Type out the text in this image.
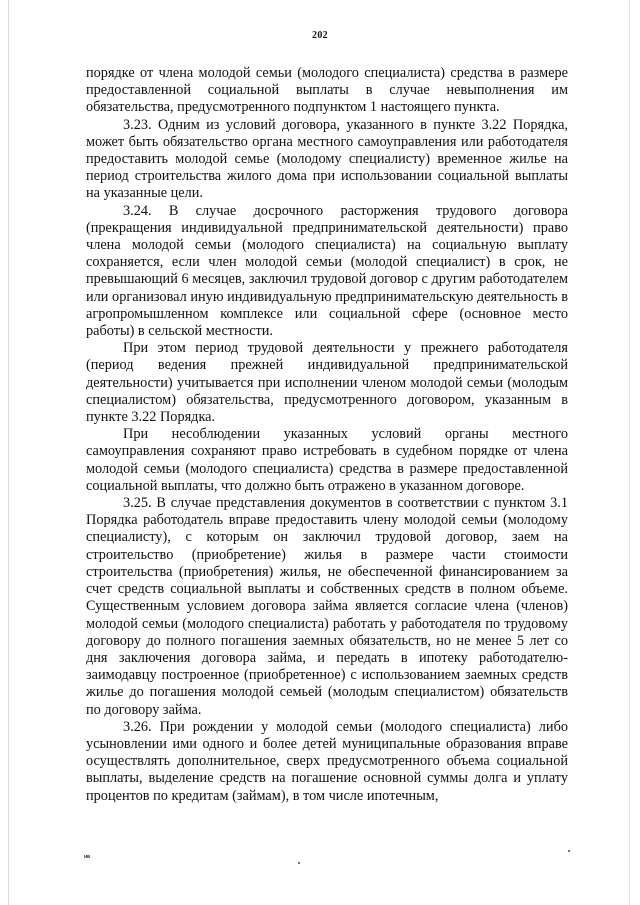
202

порядке от члена молодой семьи (молодого специалиста) средства в размере предоставленной социальной выплаты в случае невыполнения им обязательства, предусмотренного подпунктом 1 настоящего пункта.

3.23. Одним из условий договора, указанного в пункте 3.22 Порядка, может быть обязательство органа местного самоуправления или работодателя предоставить молодой семье (молодому специалисту) временное жилье на период строительства жилого дома при использовании социальной выплаты на указанные цели.

3.24. В случае досрочного расторжения трудового договора (прекращения индивидуальной предпринимательской деятельности) право члена молодой семьи (молодого специалиста) на социальную выплату сохраняется, если член молодой семьи (молодой специалист) в срок, не превышающий 6 месяцев, заключил трудовой договор с другим работодателем или организовал иную индивидуальную предпринимательскую деятельность в агропромышленном комплексе или социальной сфере (основное место работы) в сельской местности.

При этом период трудовой деятельности у прежнего работодателя (период ведения прежней индивидуальной предпринимательской деятельности) учитывается при исполнении членом молодой семьи (молодым специалистом) обязательства, предусмотренного договором, указанным в пункте 3.22 Порядка.

При несоблюдении указанных условий органы местного самоуправления сохраняют право истребовать в судебном порядке от члена молодой семьи (молодого специалиста) средства в размере предоставленной социальной выплаты, что должно быть отражено в указанном договоре.

3.25. В случае представления документов в соответствии с пунктом 3.1 Порядка работодатель вправе предоставить члену молодой семьи (молодому специалисту), с которым он заключил трудовой договор, заем на строительство (приобретение) жилья в размере части стоимости строительства (приобретения) жилья, не обеспеченной финансированием за счет средств социальной выплаты и собственных средств в полном объеме. Существенным условием договора займа является согласие члена (членов) молодой семьи (молодого специалиста) работать у работодателя по трудовому договору до полного погашения заемных обязательств, но не менее 5 лет со дня заключения договора займа, и передать в ипотеку работодателю-заимодавцу построенное (приобретенное) с использованием заемных средств жилье до погашения молодой семьей (молодым специалистом) обязательств по договору займа.

3.26. При рождении у молодой семьи (молодого специалиста) либо усыновлении ими одного и более детей муниципальные образования вправе осуществлять дополнительное, сверх предусмотренного объема социальной выплаты, выделение средств на погашение основной суммы долга и уплату процентов по кредитам (займам), в том числе ипотечным,

нв
